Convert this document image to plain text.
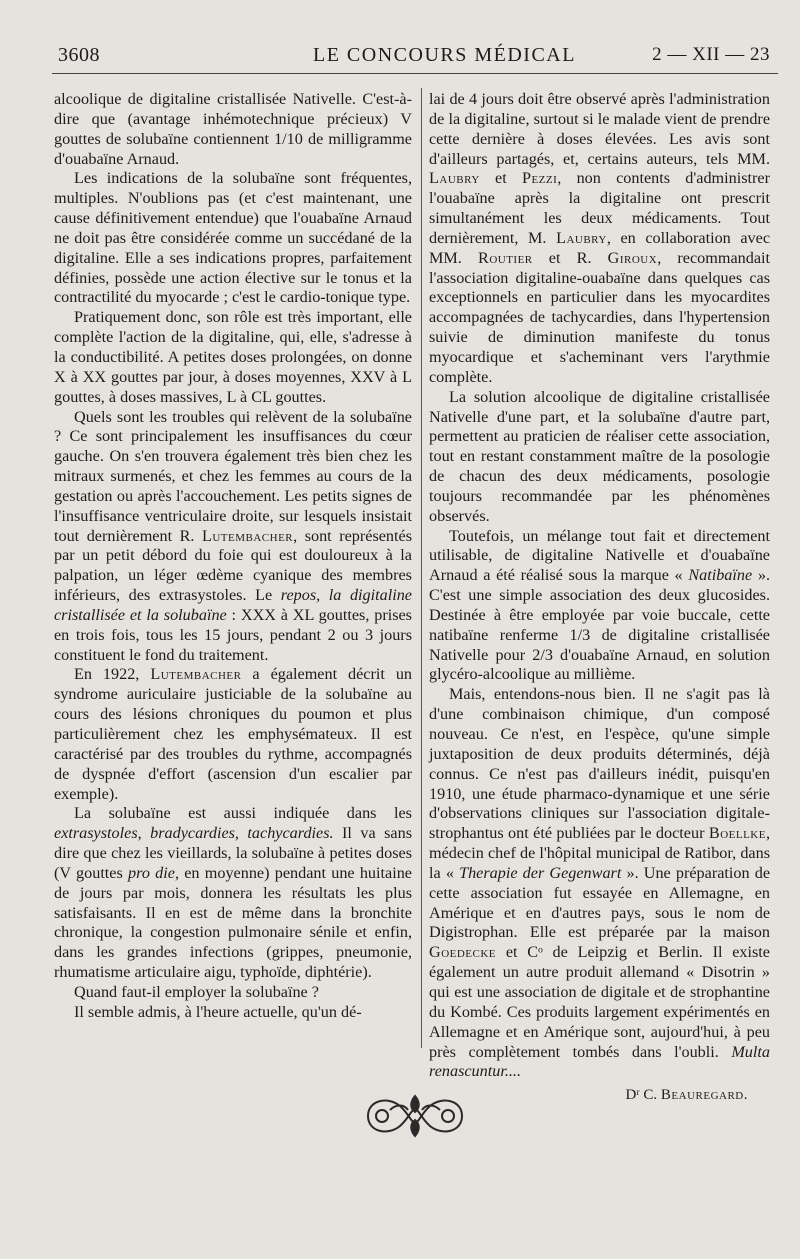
3608	LE CONCOURS MÉDICAL	2 — XII — 23

alcoolique de digitaline cristallisée Nativelle. C'est-à-dire que (avantage inhémotechnique précieux) V gouttes de solubaïne contiennent 1/10 de milligramme d'ouabaïne Arnaud.

Les indications de la solubaïne sont fréquentes, multiples. N'oublions pas (et c'est maintenant, une cause définitivement entendue) que l'ouabaïne Arnaud ne doit pas être considérée comme un succédané de la digitaline. Elle a ses indications propres, parfaitement définies, possède une action élective sur le tonus et la contractilité du myocarde ; c'est le cardio-tonique type.

Pratiquement donc, son rôle est très important, elle complète l'action de la digitaline, qui, elle, s'adresse à la conductibilité. A petites doses prolongées, on donne X à XX gouttes par jour, à doses moyennes, XXV à L gouttes, à doses massives, L à CL gouttes.

Quels sont les troubles qui relèvent de la solubaïne ? Ce sont principalement les insuffisances du cœur gauche. On s'en trouvera également très bien chez les mitraux surmenés, et chez les femmes au cours de la gestation ou après l'accouchement. Les petits signes de l'insuffisance ventriculaire droite, sur lesquels insistait tout dernièrement R. Lutembacher, sont représentés par un petit débord du foie qui est douloureux à la palpation, un léger œdème cyanique des membres inférieurs, des extrasystoles. Le repos, la digitaline cristallisée et la solubaïne : XXX à XL gouttes, prises en trois fois, tous les 15 jours, pendant 2 ou 3 jours constituent le fond du traitement.

En 1922, Lutembacher a également décrit un syndrome auriculaire justiciable de la solubaïne au cours des lésions chroniques du poumon et plus particulièrement chez les emphysémateux. Il est caractérisé par des troubles du rythme, accompagnés de dyspnée d'effort (ascension d'un escalier par exemple).

La solubaïne est aussi indiquée dans les extrasystoles, bradycardies, tachycardies. Il va sans dire que chez les vieillards, la solubaïne à petites doses (V gouttes pro die, en moyenne) pendant une huitaine de jours par mois, donnera les résultats les plus satisfaisants. Il en est de même dans la bronchite chronique, la congestion pulmonaire sénile et enfin, dans les grandes infections (grippes, pneumonie, rhumatisme articulaire aigu, typhoïde, diphtérie).

Quand faut-il employer la solubaïne ?

Il semble admis, à l'heure actuelle, qu'un dé-

lai de 4 jours doit être observé après l'administration de la digitaline, surtout si le malade vient de prendre cette dernière à doses élevées. Les avis sont d'ailleurs partagés, et, certains auteurs, tels MM. Laubry et Pezzi, non contents d'administrer l'ouabaïne après la digitaline ont prescrit simultanément les deux médicaments. Tout dernièrement, M. Laubry, en collaboration avec MM. Routier et R. Giroux, recommandait l'association digitaline-ouabaïne dans quelques cas exceptionnels en particulier dans les myocardites accompagnées de tachycardies, dans l'hypertension suivie de diminution manifeste du tonus myocardique et s'acheminant vers l'arythmie complète.

La solution alcoolique de digitaline cristallisée Nativelle d'une part, et la solubaïne d'autre part, permettent au praticien de réaliser cette association, tout en restant constamment maître de la posologie de chacun des deux médicaments, posologie toujours recommandée par les phénomènes observés.

Toutefois, un mélange tout fait et directement utilisable, de digitaline Nativelle et d'ouabaïne Arnaud a été réalisé sous la marque « Natibaïne ». C'est une simple association des deux glucosides. Destinée à être employée par voie buccale, cette natibaïne renferme 1/3 de digitaline cristallisée Nativelle pour 2/3 d'ouabaïne Arnaud, en solution glycéro-alcoolique au millième.

Mais, entendons-nous bien. Il ne s'agit pas là d'une combinaison chimique, d'un composé nouveau. Ce n'est, en l'espèce, qu'une simple juxtaposition de deux produits déterminés, déjà connus. Ce n'est pas d'ailleurs inédit, puisqu'en 1910, une étude pharmaco-dynamique et une série d'observations cliniques sur l'association digitale-strophantus ont été publiées par le docteur Boellke, médecin chef de l'hôpital municipal de Ratibor, dans la « Therapie der Gegenwart ». Une préparation de cette association fut essayée en Allemagne, en Amérique et en d'autres pays, sous le nom de Digistrophan. Elle est préparée par la maison Goedecke et Cᵒ de Leipzig et Berlin. Il existe également un autre produit allemand « Disotrin » qui est une association de digitale et de strophantine du Kombé. Ces produits largement expérimentés en Allemagne et en Amérique sont, aujourd'hui, à peu près complètement tombés dans l'oubli. Multa renascuntur....

Dʳ C. Beauregard.
